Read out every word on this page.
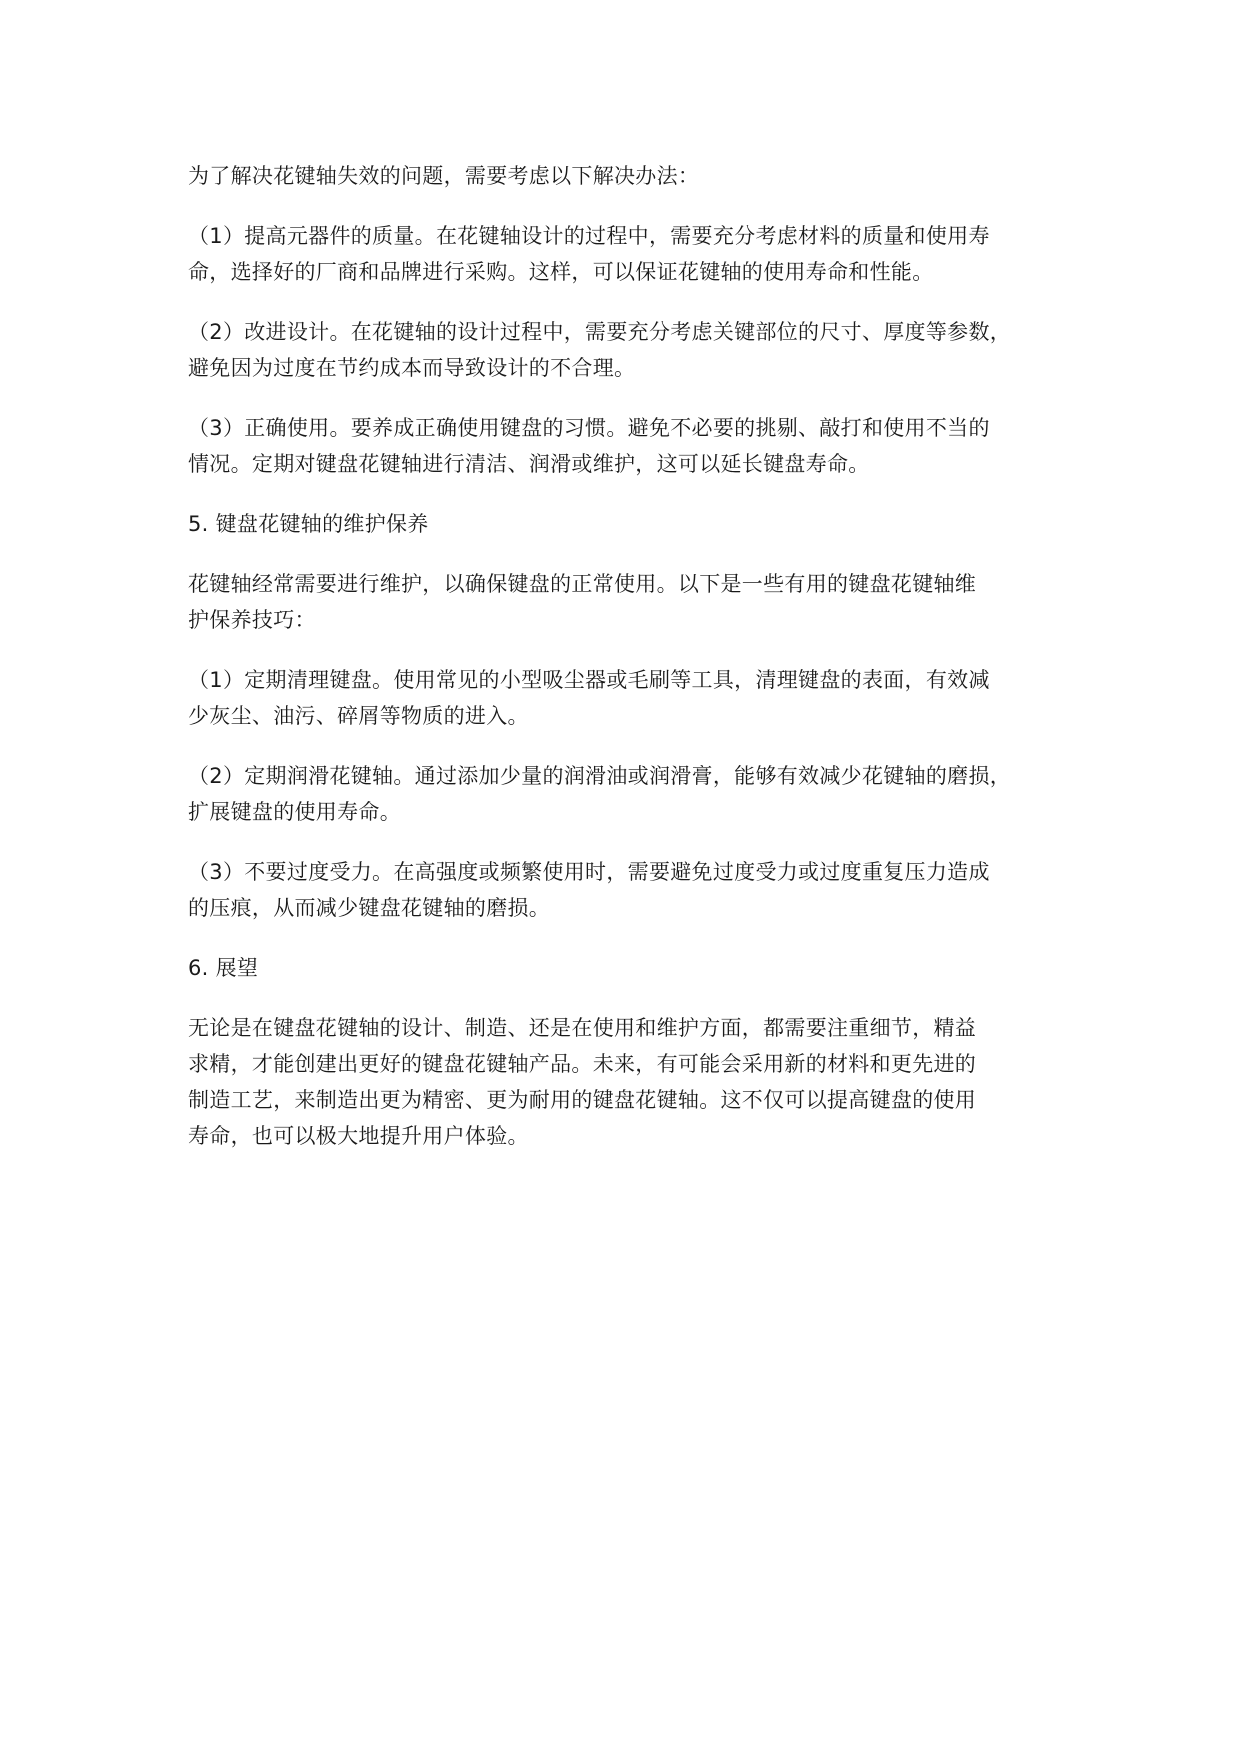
为了解决花键轴失效的问题，需要考虑以下解决办法：
（1）提高元器件的质量。在花键轴设计的过程中，需要充分考虑材料的质量和使用寿
命，选择好的厂商和品牌进行采购。这样，可以保证花键轴的使用寿命和性能。
（2）改进设计。在花键轴的设计过程中，需要充分考虑关键部位的尺寸、厚度等参数，
避免因为过度在节约成本而导致设计的不合理。
（3）正确使用。要养成正确使用键盘的习惯。避免不必要的挑剔、敲打和使用不当的
情况。定期对键盘花键轴进行清洁、润滑或维护，这可以延长键盘寿命。
5. 键盘花键轴的维护保养
花键轴经常需要进行维护，以确保键盘的正常使用。以下是一些有用的键盘花键轴维
护保养技巧：
（1）定期清理键盘。使用常见的小型吸尘器或毛刷等工具，清理键盘的表面，有效减
少灰尘、油污、碎屑等物质的进入。
（2）定期润滑花键轴。通过添加少量的润滑油或润滑膏，能够有效减少花键轴的磨损，
扩展键盘的使用寿命。
（3）不要过度受力。在高强度或频繁使用时，需要避免过度受力或过度重复压力造成
的压痕，从而减少键盘花键轴的磨损。
6. 展望
无论是在键盘花键轴的设计、制造、还是在使用和维护方面，都需要注重细节，精益
求精，才能创建出更好的键盘花键轴产品。未来，有可能会采用新的材料和更先进的
制造工艺，来制造出更为精密、更为耐用的键盘花键轴。这不仅可以提高键盘的使用
寿命，也可以极大地提升用户体验。
